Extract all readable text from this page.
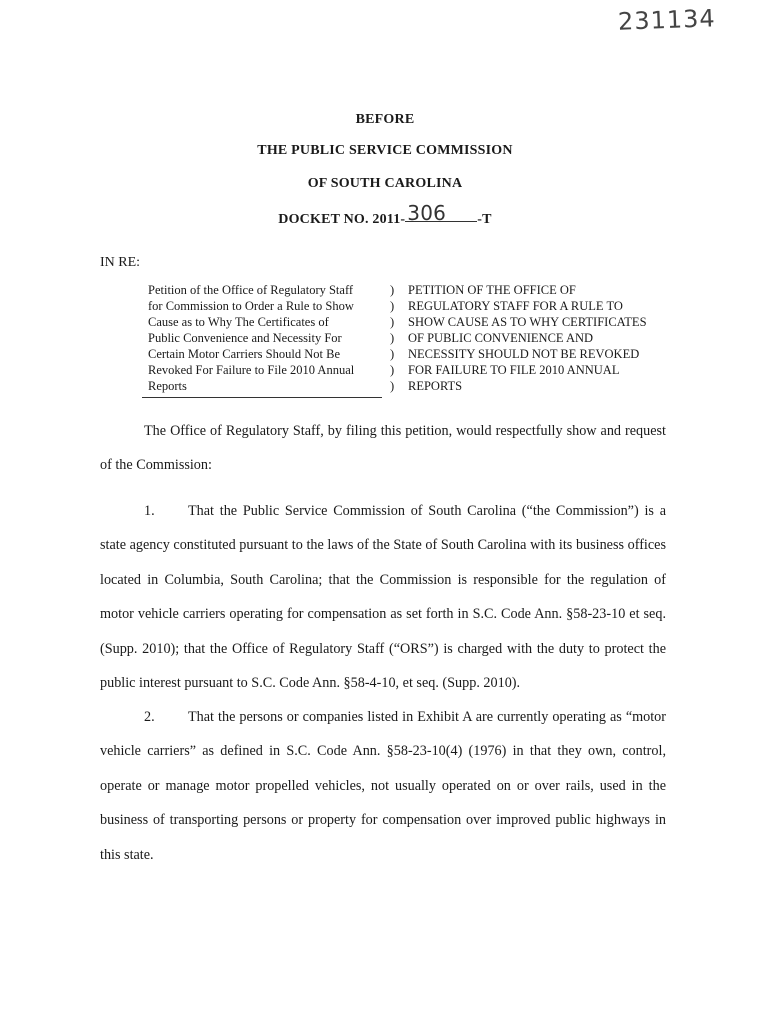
231134
BEFORE
THE PUBLIC SERVICE COMMISSION
OF SOUTH CAROLINA
DOCKET NO. 2011- 306 -T
IN RE:
Petition of the Office of Regulatory Staff
for Commission to Order a Rule to Show
Cause as to Why The Certificates of
Public Convenience and Necessity For
Certain Motor Carriers Should Not Be
Revoked For Failure to File 2010 Annual
Reports
)
)
)
)
)
)
)
PETITION OF THE OFFICE OF
REGULATORY STAFF FOR A RULE TO
SHOW CAUSE AS TO WHY CERTIFICATES
OF PUBLIC CONVENIENCE AND
NECESSITY SHOULD NOT BE REVOKED
FOR FAILURE TO FILE 2010 ANNUAL
REPORTS
The Office of Regulatory Staff, by filing this petition, would respectfully show and request of the Commission:
1. That the Public Service Commission of South Carolina (“the Commission”) is a state agency constituted pursuant to the laws of the State of South Carolina with its business offices located in Columbia, South Carolina; that the Commission is responsible for the regulation of motor vehicle carriers operating for compensation as set forth in S.C. Code Ann. §58-23-10 et seq. (Supp. 2010); that the Office of Regulatory Staff (“ORS”) is charged with the duty to protect the public interest pursuant to S.C. Code Ann. §58-4-10, et seq. (Supp. 2010).
2. That the persons or companies listed in Exhibit A are currently operating as “motor vehicle carriers” as defined in S.C. Code Ann. §58-23-10(4) (1976) in that they own, control, operate or manage motor propelled vehicles, not usually operated on or over rails, used in the business of transporting persons or property for compensation over improved public highways in this state.
